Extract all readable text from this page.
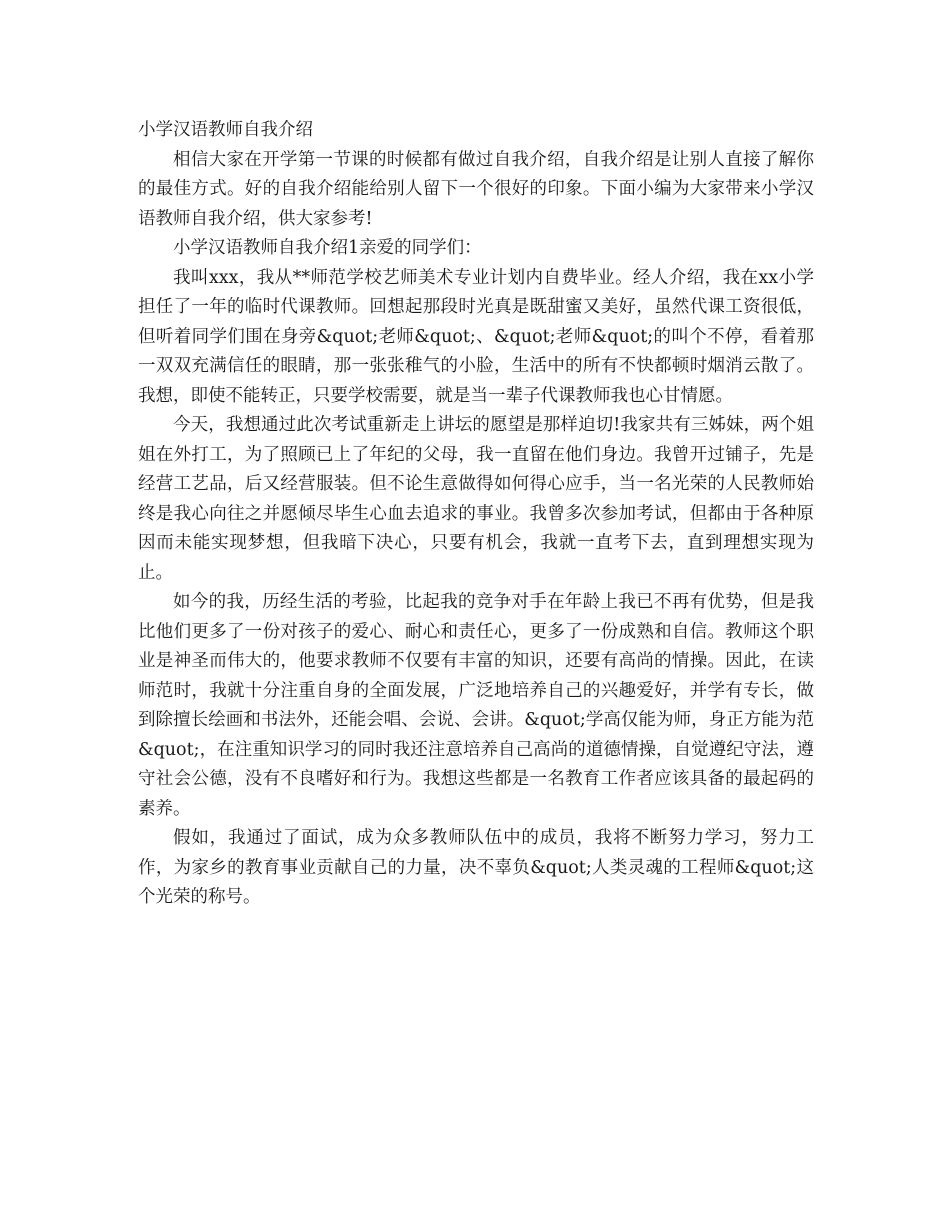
小学汉语教师自我介绍

相信大家在开学第一节课的时候都有做过自我介绍，自我介绍是让别人直接了解你的最佳方式。好的自我介绍能给别人留下一个很好的印象。下面小编为大家带来小学汉语教师自我介绍，供大家参考!

小学汉语教师自我介绍1亲爱的同学们：

我叫xxx，我从**师范学校艺师美术专业计划内自费毕业。经人介绍，我在xx小学担任了一年的临时代课教师。回想起那段时光真是既甜蜜又美好，虽然代课工资很低，但听着同学们围在身旁&quot;老师&quot;、&quot;老师&quot;的叫个不停，看着那一双双充满信任的眼睛，那一张张稚气的小脸，生活中的所有不快都顿时烟消云散了。我想，即使不能转正，只要学校需要，就是当一辈子代课教师我也心甘情愿。

今天，我想通过此次考试重新走上讲坛的愿望是那样迫切!我家共有三姊妹，两个姐姐在外打工，为了照顾已上了年纪的父母，我一直留在他们身边。我曾开过铺子，先是经营工艺品，后又经营服装。但不论生意做得如何得心应手，当一名光荣的人民教师始终是我心向往之并愿倾尽毕生心血去追求的事业。我曾多次参加考试，但都由于各种原因而未能实现梦想，但我暗下决心，只要有机会，我就一直考下去，直到理想实现为止。

如今的我，历经生活的考验，比起我的竞争对手在年龄上我已不再有优势，但是我比他们更多了一份对孩子的爱心、耐心和责任心，更多了一份成熟和自信。教师这个职业是神圣而伟大的，他要求教师不仅要有丰富的知识，还要有高尚的情操。因此，在读师范时，我就十分注重自身的全面发展，广泛地培养自己的兴趣爱好，并学有专长，做到除擅长绘画和书法外，还能会唱、会说、会讲。&quot;学高仅能为师，身正方能为范&quot;，在注重知识学习的同时我还注意培养自己高尚的道德情操，自觉遵纪守法，遵守社会公德，没有不良嗜好和行为。我想这些都是一名教育工作者应该具备的最起码的素养。

假如，我通过了面试，成为众多教师队伍中的成员，我将不断努力学习，努力工作，为家乡的教育事业贡献自己的力量，决不辜负&quot;人类灵魂的工程师&quot;这个光荣的称号。
